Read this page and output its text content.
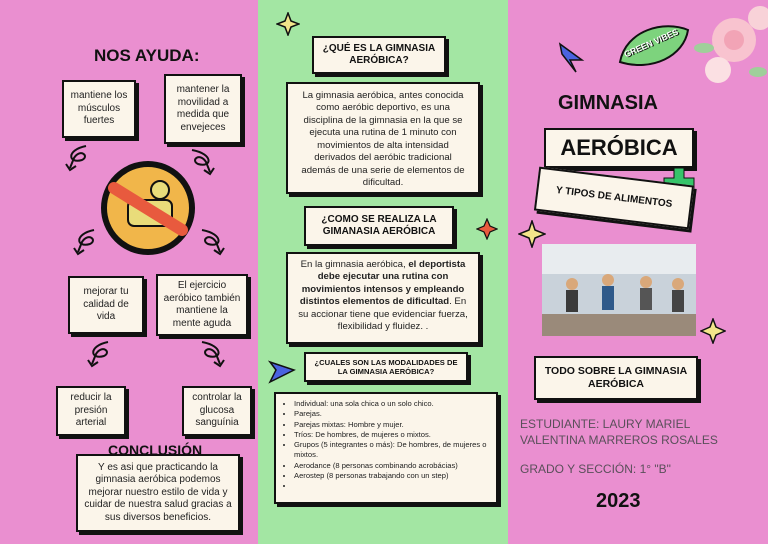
NOS AYUDA:
mantiene los músculos fuertes
mantener la movilidad a medida que envejeces
mejorar tu calidad de vida
El ejercicio aeróbico también mantiene la mente aguda
reducir la presión arterial
controlar la glucosa sanguínia
CONCLUSIÓN
Y es asi que practicando la gimnasia aeróbica podemos mejorar nuestro estilo de vida y cuidar de nuestra salud gracias a sus diversos beneficios.
¿QUÉ ES LA GIMNASIA AERÓBICA?
La gimnasia aeróbica, antes conocida como aeróbic deportivo, es una disciplina de la gimnasia en la que se ejecuta una rutina de 1 minuto con movimientos de alta intensidad derivados del aeróbic tradicional además de una serie de elementos de dificultad.
¿COMO SE REALIZA LA GIMANASIA AERÓBICA
En la gimnasia aeróbica, el deportista debe ejecutar una rutina con movimientos intensos y empleando distintos elementos de dificultad. En su accionar tiene que evidenciar fuerza, flexibilidad y fluidez. .
¿CUALES SON LAS MODALIDADES DE LA GIMNASIA AERÓBICA?
• Individual: una sola chica o un solo chico.
• Parejas.
• Parejas mixtas: Hombre y mujer.
• Tríos: De hombres, de mujeres o mixtos.
• Grupos (5 integrantes o más): De hombres, de mujeres o mixtos.
• Aerodance (8 personas combinando acrobácias)
• Aerostep (8 personas trabajando con un step)
•
GREEN VIBES
GIMNASIA
AERÓBICA
Y TIPOS DE ALIMENTOS
TODO SOBRE LA GIMNASIA AERÓBICA
ESTUDIANTE: LAURY MARIEL VALENTINA MARREROS ROSALES
GRADO Y SECCIÓN: 1° "B"
2023
